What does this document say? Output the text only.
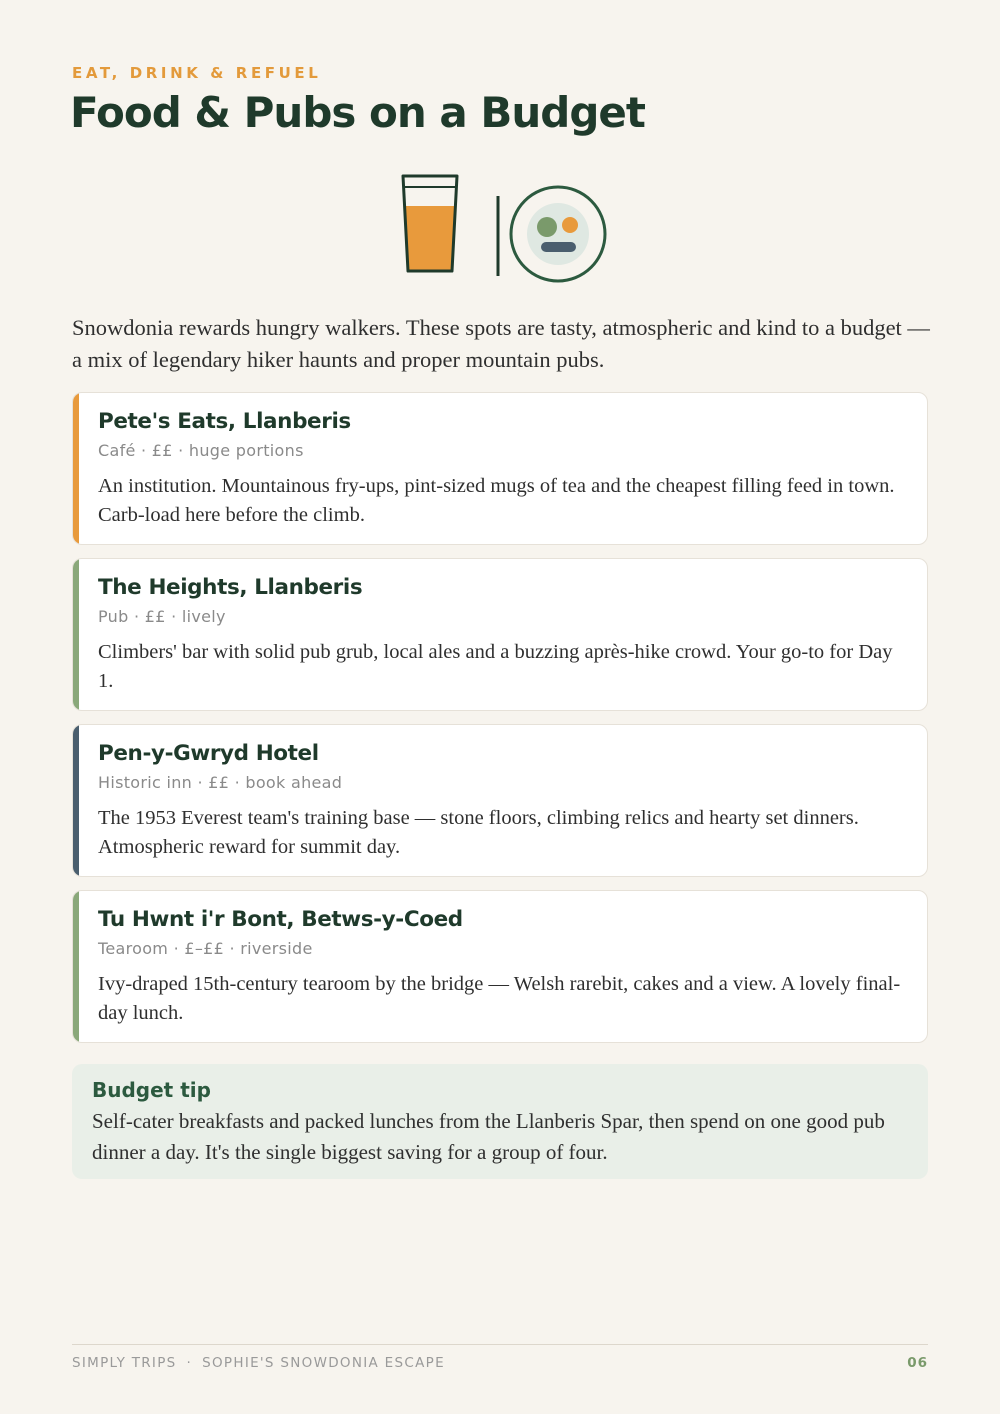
EAT, DRINK & REFUEL
Food & Pubs on a Budget

Snowdonia rewards hungry walkers. These spots are tasty, atmospheric and kind to a budget — a mix of legendary hiker haunts and proper mountain pubs.

Pete's Eats, Llanberis
Café · ££ · huge portions
An institution. Mountainous fry-ups, pint-sized mugs of tea and the cheapest filling feed in town. Carb-load here before the climb.
The Heights, Llanberis
Pub · ££ · lively
Climbers' bar with solid pub grub, local ales and a buzzing après-hike crowd. Your go-to for Day 1.
Pen-y-Gwryd Hotel
Historic inn · ££ · book ahead
The 1953 Everest team's training base — stone floors, climbing relics and hearty set dinners. Atmospheric reward for summit day.
Tu Hwnt i'r Bont, Betws-y-Coed
Tearoom · £–££ · riverside
Ivy-draped 15th-century tearoom by the bridge — Welsh rarebit, cakes and a view. A lovely final-day lunch.
Budget tip
Self-cater breakfasts and packed lunches from the Llanberis Spar, then spend on one good pub dinner a day. It's the single biggest saving for a group of four.
SIMPLY TRIPS · SOPHIE'S SNOWDONIA ESCAPE	06
